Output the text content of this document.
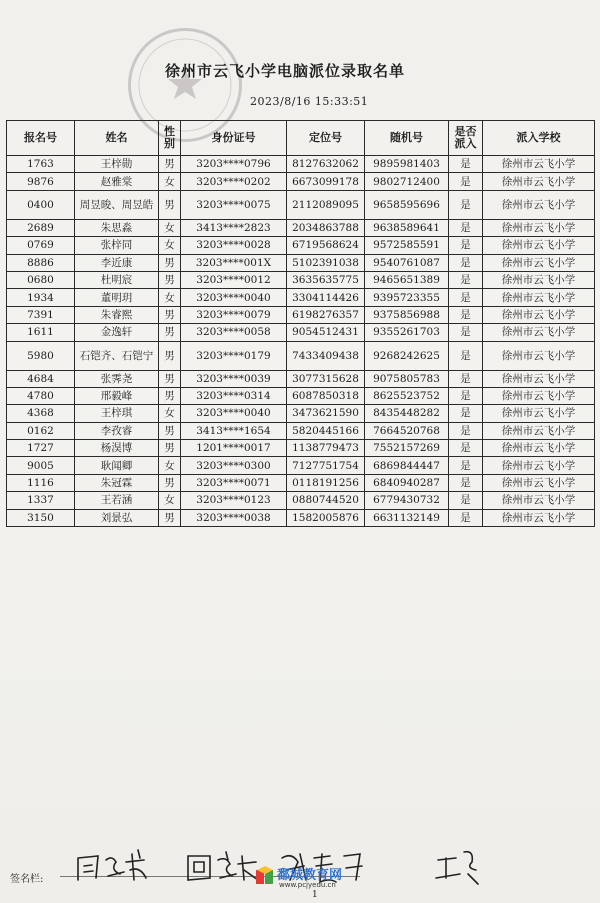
徐州市云飞小学电脑派位录取名单
2023/8/16 15:33:51
报名号	姓名	性别	身份证号	定位号	随机号	是否派入	派入学校
1763	王梓勋	男	3203****0796	8127632062	9895981403	是	徐州市云飞小学
9876	赵雅棠	女	3203****0202	6673099178	9802712400	是	徐州市云飞小学
0400	周昱晙、周昱皓	男	3203****0075	2112089095	9658595696	是	徐州市云飞小学
2689	朱思淼	女	3413****2823	2034863788	9638589641	是	徐州市云飞小学
0769	张梓同	女	3203****0028	6719568624	9572585591	是	徐州市云飞小学
8886	李近康	男	3203****001X	5102391038	9540761087	是	徐州市云飞小学
0680	杜明宸	男	3203****0012	3635635775	9465651389	是	徐州市云飞小学
1934	董明玥	女	3203****0040	3304114426	9395723355	是	徐州市云飞小学
7391	朱睿熙	男	3203****0079	6198276357	9375856988	是	徐州市云飞小学
1611	金逸轩	男	3203****0058	9054512431	9355261703	是	徐州市云飞小学
5980	石铠齐、石铠宁	男	3203****0179	7433409438	9268242625	是	徐州市云飞小学
4684	张霁尧	男	3203****0039	3077315628	9075805783	是	徐州市云飞小学
4780	邢毅峰	男	3203****0314	6087850318	8625523752	是	徐州市云飞小学
4368	王梓琪	女	3203****0040	3473621590	8435448282	是	徐州市云飞小学
0162	李孜睿	男	3413****1654	5820445166	7664520768	是	徐州市云飞小学
1727	杨淏博	男	1201****0017	1138779473	7552157269	是	徐州市云飞小学
9005	耿闻卿	女	3203****0300	7127751754	6869844447	是	徐州市云飞小学
1116	朱冠霖	男	3203****0071	0118191256	6840940287	是	徐州市云飞小学
1337	王若涵	女	3203****0123	0880744520	6779430732	是	徐州市云飞小学
3150	刘景弘	男	3203****0038	1582005876	6631132149	是	徐州市云飞小学
签名栏:	鄱城教育网
www.pcjyedu.cn
1
